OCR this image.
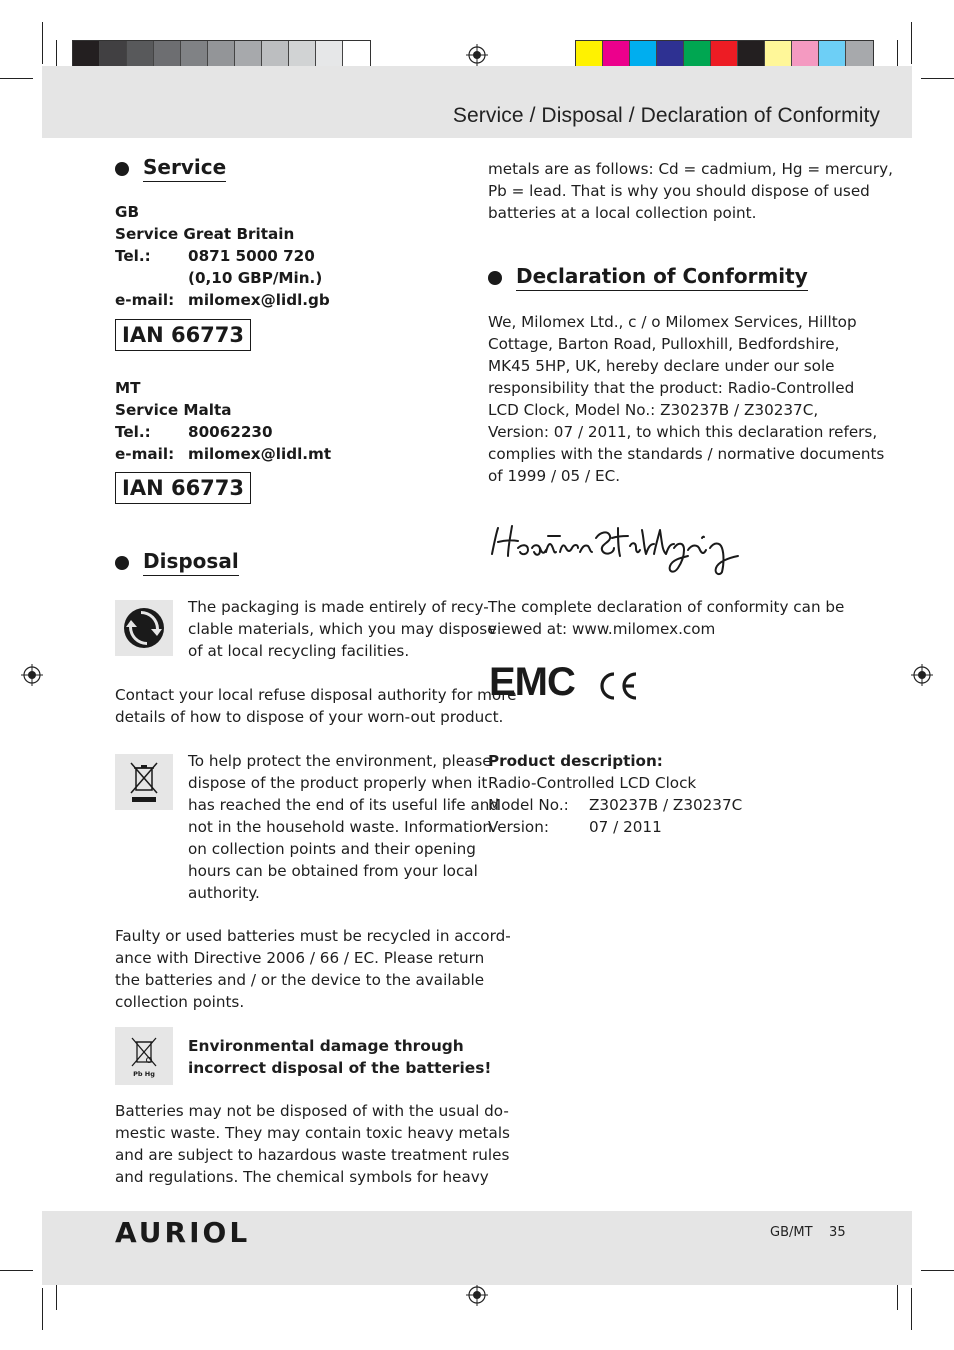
Service / Disposal / Declaration of Conformity
Service
GB
Service Great Britain
Tel.:	0871 5000 720
(0,10 GBP/Min.)
e-mail: milomex@lidl.gb
IAN 66773
MT
Service Malta
Tel.:	80062230
e-mail: milomex@lidl.mt
IAN 66773
Disposal
The packaging is made entirely of recy-
clable materials, which you may dispose
of at local recycling facilities.
Contact your local refuse disposal authority for more
details of how to dispose of your worn-out product.
To help protect the environment, please
dispose of the product properly when it
has reached the end of its useful life and
not in the household waste. Information
on collection points and their opening
hours can be obtained from your local
authority.
Faulty or used batteries must be recycled in accord-
ance with Directive 2006 / 66 / EC. Please return
the batteries and / or the device to the available
collection points.
Pb Hg
Environmental damage through
incorrect disposal of the batteries!
Batteries may not be disposed of with the usual do-
mestic waste. They may contain toxic heavy metals
and are subject to hazardous waste treatment rules
and regulations. The chemical symbols for heavy
metals are as follows: Cd = cadmium, Hg = mercury,
Pb = lead. That is why you should dispose of used
batteries at a local collection point.
Declaration of Conformity
We, Milomex Ltd., c / o Milomex Services, Hilltop
Cottage, Barton Road, Pulloxhill, Bedfordshire,
MK45 5HP, UK, hereby declare under our sole
responsibility that the product: Radio-Controlled
LCD Clock, Model No.: Z30237B / Z30237C,
Version: 07 / 2011, to which this declaration refers,
complies with the standards / normative documents
of 1999 / 05 / EC.
The complete declaration of conformity can be
viewed at: www.milomex.com
EMC
Product description:
Radio-Controlled LCD Clock
Model No.:	Z30237B / Z30237C
Version:	07 / 2011
AURIOL	GB/MT    35
